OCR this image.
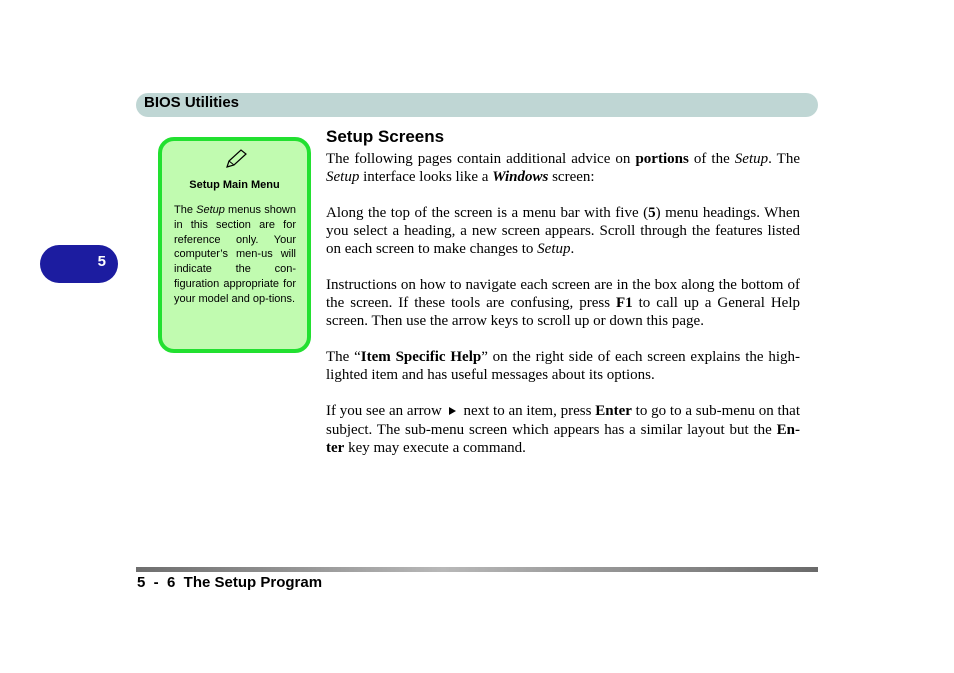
BIOS Utilities
5
Setup Main Menu
The Setup menus shown in this section are for reference only. Your computer’s men-us will indicate the con-figuration appropriate for your model and op-tions.
Setup Screens

The following pages contain additional advice on portions of the Setup. The Setup interface looks like a Windows screen:

Along the top of the screen is a menu bar with five (5) menu headings. When you select a heading, a new screen appears. Scroll through the features listed on each screen to make changes to Setup.

Instructions on how to navigate each screen are in the box along the bottom of the screen. If these tools are confusing, press F1 to call up a General Help screen. Then use the arrow keys to scroll up or down this page.

The “Item Specific Help” on the right side of each screen explains the high-lighted item and has useful messages about its options.

If you see an arrow  next to an item, press Enter to go to a sub-menu on that subject. The sub-menu screen which appears has a similar layout but the En-ter key may execute a command.

5  -  6  The Setup Program
